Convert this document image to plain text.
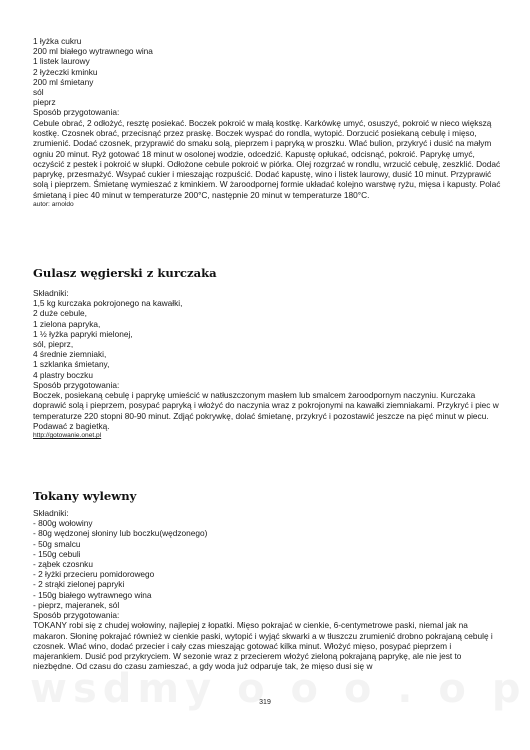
1 łyżka cukru
200 ml białego wytrawnego wina
1 listek laurowy
2 łyżeczki kminku
200 ml śmietany
sól
pieprz
Sposób przygotowania:
Cebule obrać, 2 odłożyć, resztę posiekać. Boczek pokroić w małą kostkę. Karkówkę umyć, osuszyć, pokroić w nieco większą kostkę. Czosnek obrać, przecisnąć przez praskę. Boczek wyspać do rondla, wytopić. Dorzucić posiekaną cebulę i mięso, zrumienić. Dodać czosnek, przyprawić do smaku solą, pieprzem i papryką w proszku. Wlać bulion, przykryć i dusić na małym ogniu 20 minut. Ryż gotować 18 minut w osolonej wodzie, odcedzić. Kapustę opłukać, odcisnąć, pokroić. Paprykę umyć, oczyścić z pestek i pokroić w słupki. Odłożone cebule pokroić w piórka. Olej rozgrzać w rondlu, wrzucić cebulę, zeszklić. Dodać paprykę, przesmażyć. Wsypać cukier i mieszając rozpuścić. Dodać kapustę, wino i listek laurowy, dusić 10 minut. Przyprawić solą i pieprzem. Śmietanę wymieszać z kminkiem. W żaroodpornej formie układać kolejno warstwę ryżu, mięsa i kapusty. Polać śmietaną i piec 40 minut w temperaturze 200°C, następnie 20 minut w temperaturze 180°C.
autor: arnoldo
Gulasz węgierski z kurczaka
Składniki:
1,5 kg kurczaka pokrojonego na kawałki,
2 duże cebule,
1 zielona papryka,
1 ½ łyżka papryki mielonej,
sól, pieprz,
4 średnie ziemniaki,
1 szklanka śmietany,
4 plastry boczku
Sposób przygotowania:
Boczek, posiekaną cebulę i paprykę umieścić w natłuszczonym masłem lub smalcem żaroodpornym naczyniu. Kurczaka doprawić solą i pieprzem, posypać papryką i włożyć do naczynia wraz z pokrojonymi na kawałki ziemniakami. Przykryć i piec w temperaturze 220 stopni 80-90 minut. Zdjąć pokrywkę, dolać śmietanę, przykryć i pozostawić jeszcze na pięć minut w piecu. Podawać z bagietką.
http://gotowanie.onet.pl
Tokany wylewny
Składniki:
- 800g wołowiny
- 80g wędzonej słoniny lub boczku(wędzonego)
- 50g smalcu
- 150g cebuli
- ząbek czosnku
- 2 łyżki przecieru pomidorowego
- 2 strąki zielonej papryki
- 150g białego wytrawnego wina
- pieprz, majeranek, sól
Sposób przygotowania:
TOKANY robi się z chudej wołowiny, najlepiej z łopatki. Mięso pokrajać w cienkie, 6-centymetrowe paski, niemal jak na makaron. Słoninę pokrajać również w cienkie paski, wytopić i wyjąć skwarki a w tłuszczu zrumienić drobno pokrajaną cebulę i czosnek. Wlać wino, dodać przecier i cały czas mieszając gotować kilka minut. Włożyć mięso, posypać pieprzem i majerankiem. Dusić pod przykryciem. W sezonie wraz z przecierem włożyć zieloną pokrajaną paprykę, ale nie jest to niezbędne. Od czasu do czasu zamieszać, a gdy woda już odparuje tak, że mięso dusi się w
319
